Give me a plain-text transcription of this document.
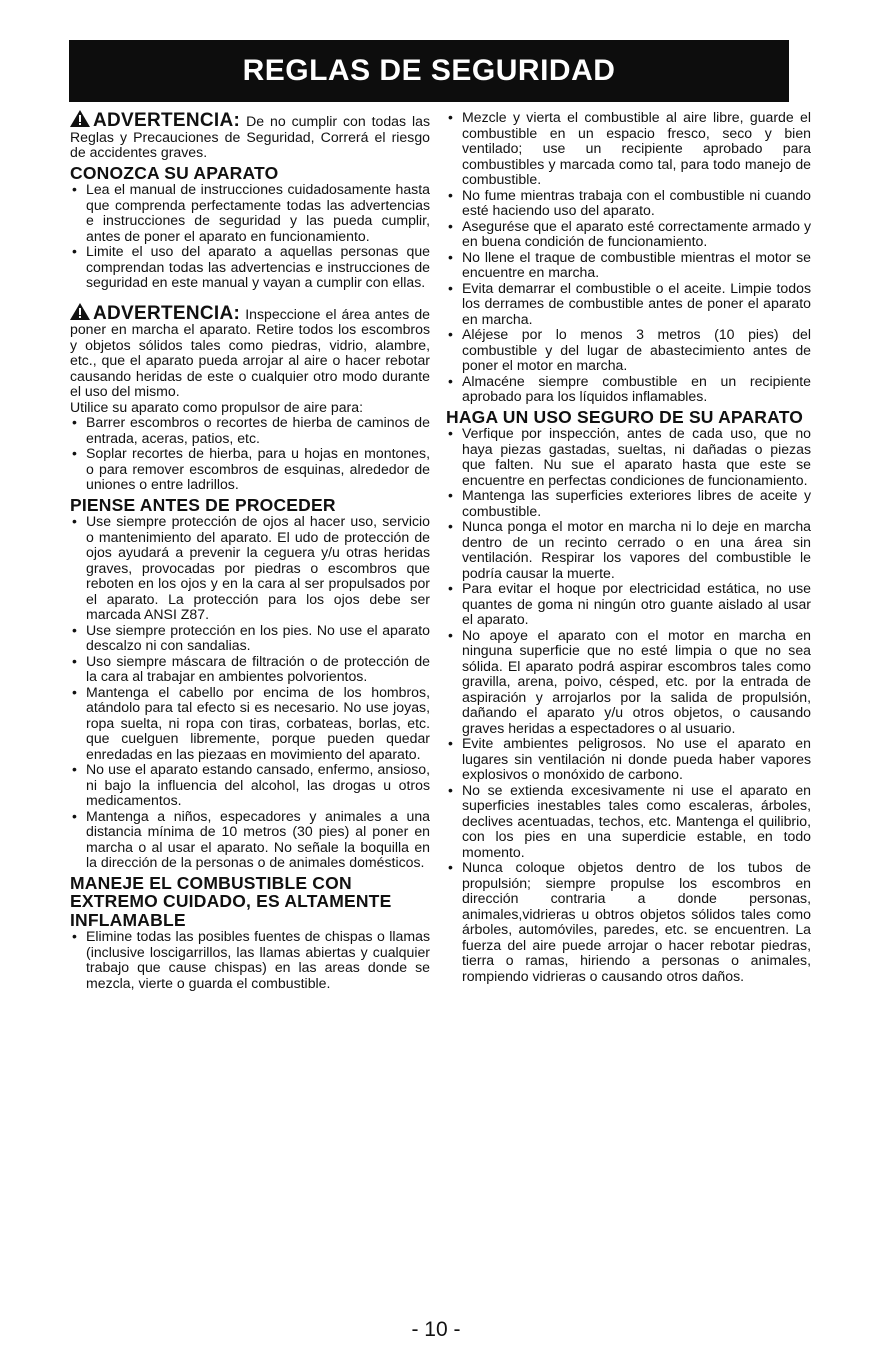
REGLAS DE SEGURIDAD

ADVERTENCIA: De no cumplir con todas las Reglas y Precauciones de Seguridad, Correrá el riesgo de accidentes graves.

CONOZCA SU APARATO
• Lea el manual de instrucciones cuidadosamente hasta que comprenda perfectamente todas las advertencias e instrucciones de seguridad y las pueda cumplir, antes de poner el aparato en funcionamiento.
• Limite el uso del aparato a aquellas personas que comprendan todas las advertencias e instrucciones de seguridad en este manual y vayan a cumplir con ellas.

ADVERTENCIA: Inspeccione el área antes de poner en marcha el aparato. Retire todos los escombros y objetos sólidos tales como piedras, vidrio, alambre, etc., que el aparato pueda arrojar al aire o hacer rebotar causando heridas de este o cualquier otro modo durante el uso del mismo.

Utilice su aparato como propulsor de aire para:

• Barrer escombros o recortes de hierba de caminos de entrada, aceras, patios, etc.
• Soplar recortes de hierba, para u hojas en montones, o para remover escombros de esquinas, alrededor de uniones o entre ladrillos.
PIENSE ANTES DE PROCEDER
• Use siempre protección de ojos al hacer uso, servicio o mantenimiento del aparato. El udo de protección de ojos ayudará a prevenir la ceguera y/u otras heridas graves, provocadas por piedras o escombros que reboten en los ojos y en la cara al ser propulsados por el aparato. La protección para los ojos debe ser marcada ANSI Z87.
• Use siempre protección en los pies. No use el aparato descalzo ni con sandalias.
• Uso siempre máscara de filtración o de protección de la cara al trabajar en ambientes polvorientos.
• Mantenga el cabello por encima de los hombros, atándolo para tal efecto si es necesario. No use joyas, ropa suelta, ni ropa con tiras, corbateas, borlas, etc. que cuelguen libremente, porque pueden quedar enredadas en las piezaas en movimiento del aparato.
• No use el aparato estando cansado, enfermo, ansioso, ni bajo la influencia del alcohol, las drogas u otros medicamentos.
• Mantenga a niños, especadores y animales a una distancia mínima de 10 metros (30 pies) al poner en marcha o al usar el aparato. No señale la boquilla en la dirección de la personas o de animales domésticos.
MANEJE EL COMBUSTIBLE CON EXTREMO CUIDADO, ES ALTAMENTE INFLAMABLE
• Elimine todas las posibles fuentes de chispas o llamas (inclusive loscigarrillos, las llamas abiertas y cualquier trabajo que cause chispas) en las areas donde se mezcla, vierte o guarda el combustible.
• Mezcle y vierta el combustible al aire libre, guarde el combustible en un espacio fresco, seco y bien ventilado; use un recipiente aprobado para combustibles y marcada como tal, para todo manejo de combustible.
• No fume mientras trabaja con el combustible ni cuando esté haciendo uso del aparato.
• Asegurése que el aparato esté correctamente armado y en buena condición de funcionamiento.
• No llene el traque de combustible mientras el motor se encuentre en marcha.
• Evita demarrar el combustible o el aceite. Limpie todos los derrames de combustible antes de poner el aparato en marcha.
• Aléjese por lo menos 3 metros (10 pies) del combustible y del lugar de abastecimiento antes de poner el motor en marcha.
• Almacéne siempre combustible en un recipiente aprobado para los líquidos inflamables.
HAGA UN USO SEGURO DE SU APARATO
• Verfique por inspección, antes de cada uso, que no haya piezas gastadas, sueltas, ni dañadas o piezas que falten. Nu sue el aparato hasta que este se encuentre en perfectas condiciones de funcionamiento.
• Mantenga las superficies exteriores libres de aceite y combustible.
• Nunca ponga el motor en marcha ni lo deje en marcha dentro de un recinto cerrado o en una área sin ventilación. Respirar los vapores del combustible le podría causar la muerte.
• Para evitar el hoque por electricidad estática, no use quantes de goma ni ningún otro guante aislado al usar el aparato.
• No apoye el aparato con el motor en marcha en ninguna superficie que no esté limpia o que no sea sólida. El aparato podrá aspirar escombros tales como gravilla, arena, poivo, césped, etc. por la entrada de aspiración y arrojarlos por la salida de propulsión, dañando el aparato y/u otros objetos, o causando graves heridas a espectadores o al usuario.
• Evite ambientes peligrosos. No use el aparato en lugares sin ventilación ni donde pueda haber vapores explosivos o monóxido de carbono.
• No se extienda excesivamente ni use el aparato en superficies inestables tales como escaleras, árboles, declives acentuadas, techos, etc. Mantenga el quilibrio, con los pies en una superdicie estable, en todo momento.
• Nunca coloque objetos dentro de los tubos de propulsión; siempre propulse los escombros en dirección contraria a donde personas, animales,vidrieras u obtros objetos sólidos tales como árboles, automóviles, paredes, etc. se encuentren. La fuerza del aire puede arrojar o hacer rebotar piedras, tierra o ramas, hiriendo a personas o animales, rompiendo vidrieras o causando otros daños.
- 10 -
